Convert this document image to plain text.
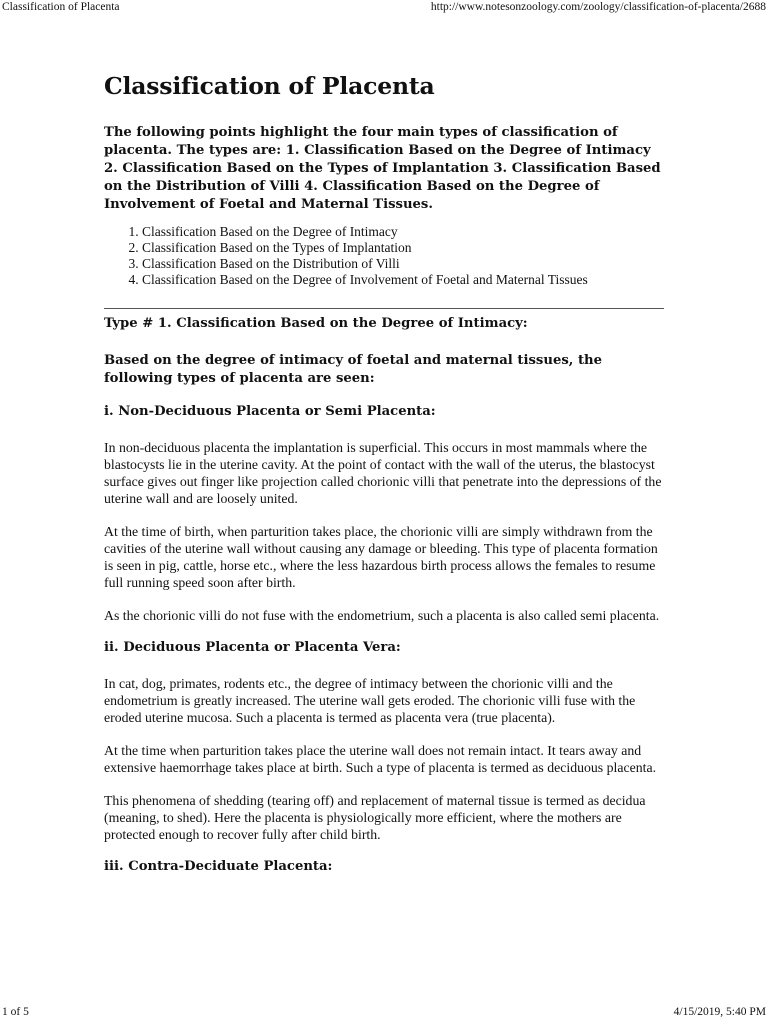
Classification of Placenta	http://www.notesonzoology.com/zoology/classification-of-placenta/2688
Classification of Placenta

The following points highlight the four main types of classification of placenta. The types are: 1. Classification Based on the Degree of Intimacy 2. Classification Based on the Types of Implantation 3. Classification Based on the Distribution of Villi 4. Classification Based on the Degree of Involvement of Foetal and Maternal Tissues.

1. Classification Based on the Degree of Intimacy
2. Classification Based on the Types of Implantation
3. Classification Based on the Distribution of Villi
4. Classification Based on the Degree of Involvement of Foetal and Maternal Tissues
Type # 1. Classification Based on the Degree of Intimacy:
Based on the degree of intimacy of foetal and maternal tissues, the following types of placenta are seen:
i. Non-Deciduous Placenta or Semi Placenta:

In non-deciduous placenta the implantation is superficial. This occurs in most mammals where the blastocysts lie in the uterine cavity. At the point of contact with the wall of the uterus, the blastocyst surface gives out finger like projection called chorionic villi that penetrate into the depressions of the uterine wall and are loosely united.

At the time of birth, when parturition takes place, the chorionic villi are simply withdrawn from the cavities of the uterine wall without causing any damage or bleeding. This type of placenta formation is seen in pig, cattle, horse etc., where the less hazardous birth process allows the females to resume full running speed soon after birth.

As the chorionic villi do not fuse with the endometrium, such a placenta is also called semi placenta.

ii. Deciduous Placenta or Placenta Vera:

In cat, dog, primates, rodents etc., the degree of intimacy between the chorionic villi and the endometrium is greatly increased. The uterine wall gets eroded. The chorionic villi fuse with the eroded uterine mucosa. Such a placenta is termed as placenta vera (true placenta).

At the time when parturition takes place the uterine wall does not remain intact. It tears away and extensive haemorrhage takes place at birth. Such a type of placenta is termed as deciduous placenta.

This phenomena of shedding (tearing off) and replacement of maternal tissue is termed as decidua (meaning, to shed). Here the placenta is physiologically more efficient, where the mothers are protected enough to recover fully after child birth.

iii. Contra-Deciduate Placenta:
1 of 5	4/15/2019, 5:40 PM
